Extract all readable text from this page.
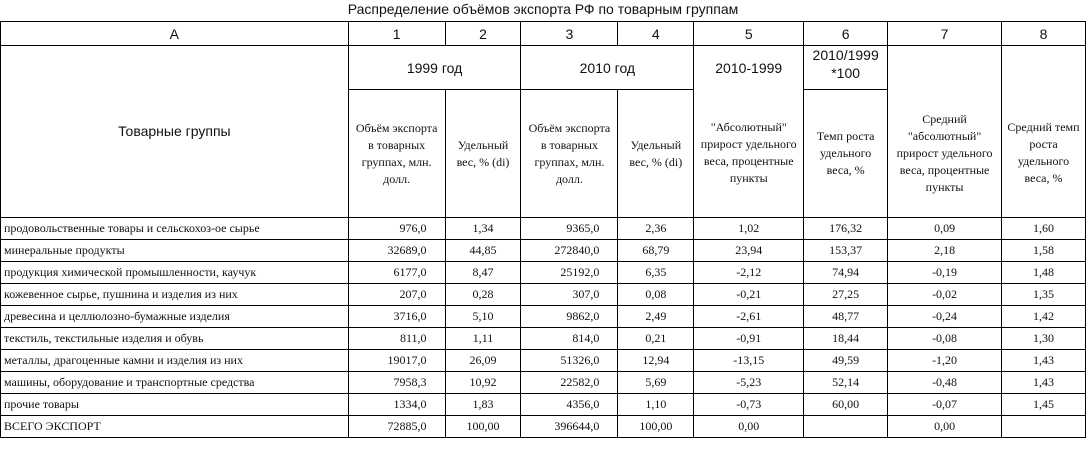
Распределение объёмов экспорта РФ по товарным группам
А	1	2	3	4	5	6	7	8
Товарные группы	1999 год		2010 год		2010-1999	2010/1999
*100		

	Объём экспорта в товарных группах, млн. долл.	Удельный вес, % (di)	Объём экспорта в товарных группах, млн. долл.	Удельный вес, % (di)	"Абсолютный" прирост удельного веса, процентные пункты	Темп роста удельного веса, %	Средний "абсолютный" прирост удельного веса, процентные пункты	Средний темп роста удельного веса, %
продовольственные товары и сельскохоз-ое сырье	976,0	1,34	9365,0	2,36	1,02	176,32	0,09	1,60
минеральные продукты	32689,0	44,85	272840,0	68,79	23,94	153,37	2,18	1,58
продукция химической промышленности, каучук	6177,0	8,47	25192,0	6,35	-2,12	74,94	-0,19	1,48
кожевенное сырье, пушнина и изделия из них	207,0	0,28	307,0	0,08	-0,21	27,25	-0,02	1,35
древесина и целлюлозно-бумажные изделия	3716,0	5,10	9862,0	2,49	-2,61	48,77	-0,24	1,42
текстиль, текстильные изделия и обувь	811,0	1,11	814,0	0,21	-0,91	18,44	-0,08	1,30
металлы, драгоценные камни и изделия из них	19017,0	26,09	51326,0	12,94	-13,15	49,59	-1,20	1,43
машины, оборудование и транспортные средства	7958,3	10,92	22582,0	5,69	-5,23	52,14	-0,48	1,43
прочие товары	1334,0	1,83	4356,0	1,10	-0,73	60,00	-0,07	1,45
ВСЕГО ЭКСПОРТ	72885,0	100,00	396644,0	100,00	0,00		0,00	
